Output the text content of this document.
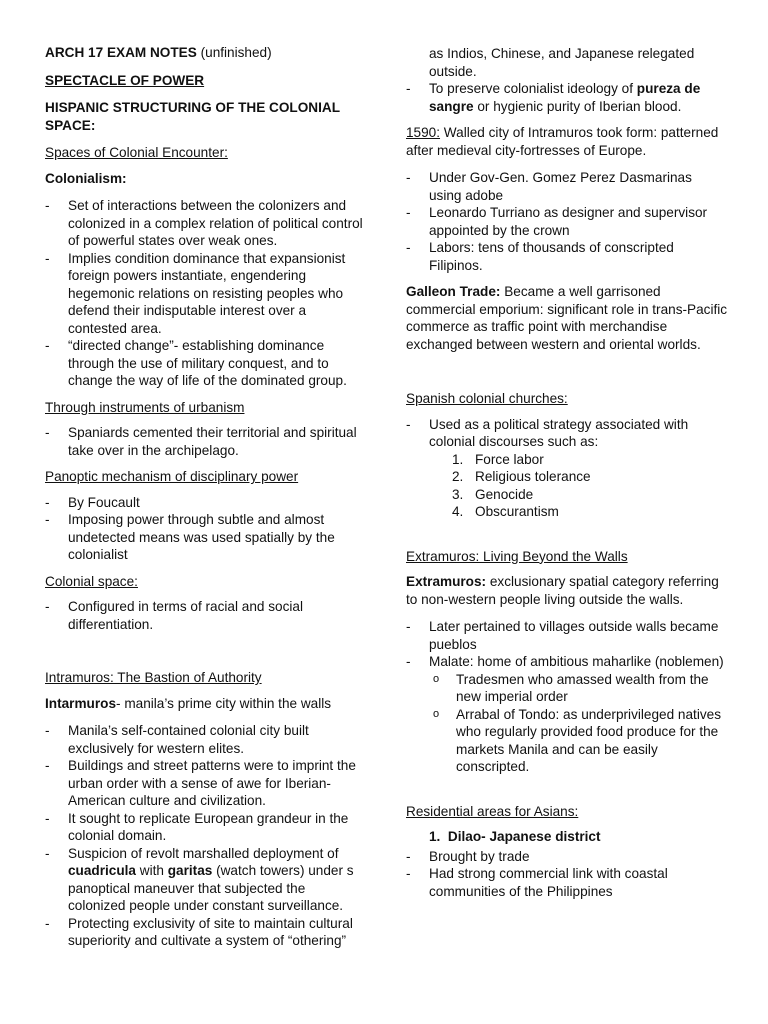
ARCH 17 EXAM NOTES (unfinished)

SPECTACLE OF POWER

HISPANIC STRUCTURING OF THE COLONIAL SPACE:

Spaces of Colonial Encounter:

Colonialism:

- Set of interactions between the colonizers and colonized in a complex relation of political control of powerful states over weak ones.
- Implies condition dominance that expansionist foreign powers instantiate, engendering hegemonic relations on resisting peoples who defend their indisputable interest over a contested area.
- “directed change”- establishing dominance through the use of military conquest, and to change the way of life of the dominated group.

Through instruments of urbanism

- Spaniards cemented their territorial and spiritual take over in the archipelago.

Panoptic mechanism of disciplinary power

- By Foucault
- Imposing power through subtle and almost undetected means was used spatially by the colonialist

Colonial space:

- Configured in terms of racial and social differentiation.

Intramuros: The Bastion of Authority

Intarmuros- manila’s prime city within the walls

- Manila’s self-contained colonial city built exclusively for western elites.
- Buildings and street patterns were to imprint the urban order with a sense of awe for Iberian-American culture and civilization.
- It sought to replicate European grandeur in the colonial domain.
- Suspicion of revolt marshalled deployment of cuadricula with garitas (watch towers) under s panoptical maneuver that subjected the colonized people under constant surveillance.
- Protecting exclusivity of site to maintain cultural superiority and cultivate a system of “othering”
as Indios, Chinese, and Japanese relegated outside.
- To preserve colonialist ideology of pureza de sangre or hygienic purity of Iberian blood.

1590: Walled city of Intramuros took form: patterned after medieval city-fortresses of Europe.

- Under Gov-Gen. Gomez Perez Dasmarinas using adobe
- Leonardo Turriano as designer and supervisor appointed by the crown
- Labors: tens of thousands of conscripted Filipinos.

Galleon Trade: Became a well garrisoned commercial emporium: significant role in trans-Pacific commerce as traffic point with merchandise exchanged between western and oriental worlds.

Spanish colonial churches:

- Used as a political strategy associated with colonial discourses such as:
1. Force labor
2. Religious tolerance
3. Genocide
4. Obscurantism

Extramuros: Living Beyond the Walls

Extramuros: exclusionary spatial category referring to non-western people living outside the walls.

- Later pertained to villages outside walls became pueblos
- Malate: home of ambitious maharlike (noblemen)
o Tradesmen who amassed wealth from the new imperial order
o Arrabal of Tondo: as underprivileged natives who regularly provided food produce for the markets Manila and can be easily conscripted.

Residential areas for Asians:

1. Dilao- Japanese district

- Brought by trade
- Had strong commercial link with coastal communities of the Philippines
